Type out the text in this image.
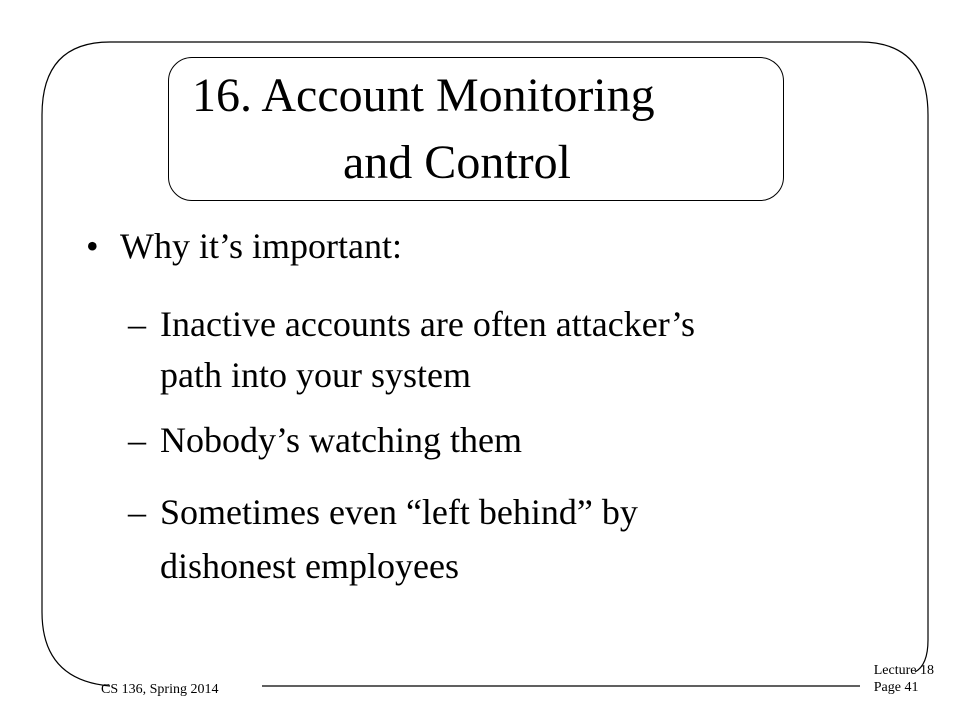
16. Account Monitoring
and Control
• Why it’s important:
– Inactive accounts are often attacker’s
path into your system
– Nobody’s watching them
– Sometimes even “left behind” by
dishonest employees
CS 136, Spring 2014
Lecture 18
Page 41
